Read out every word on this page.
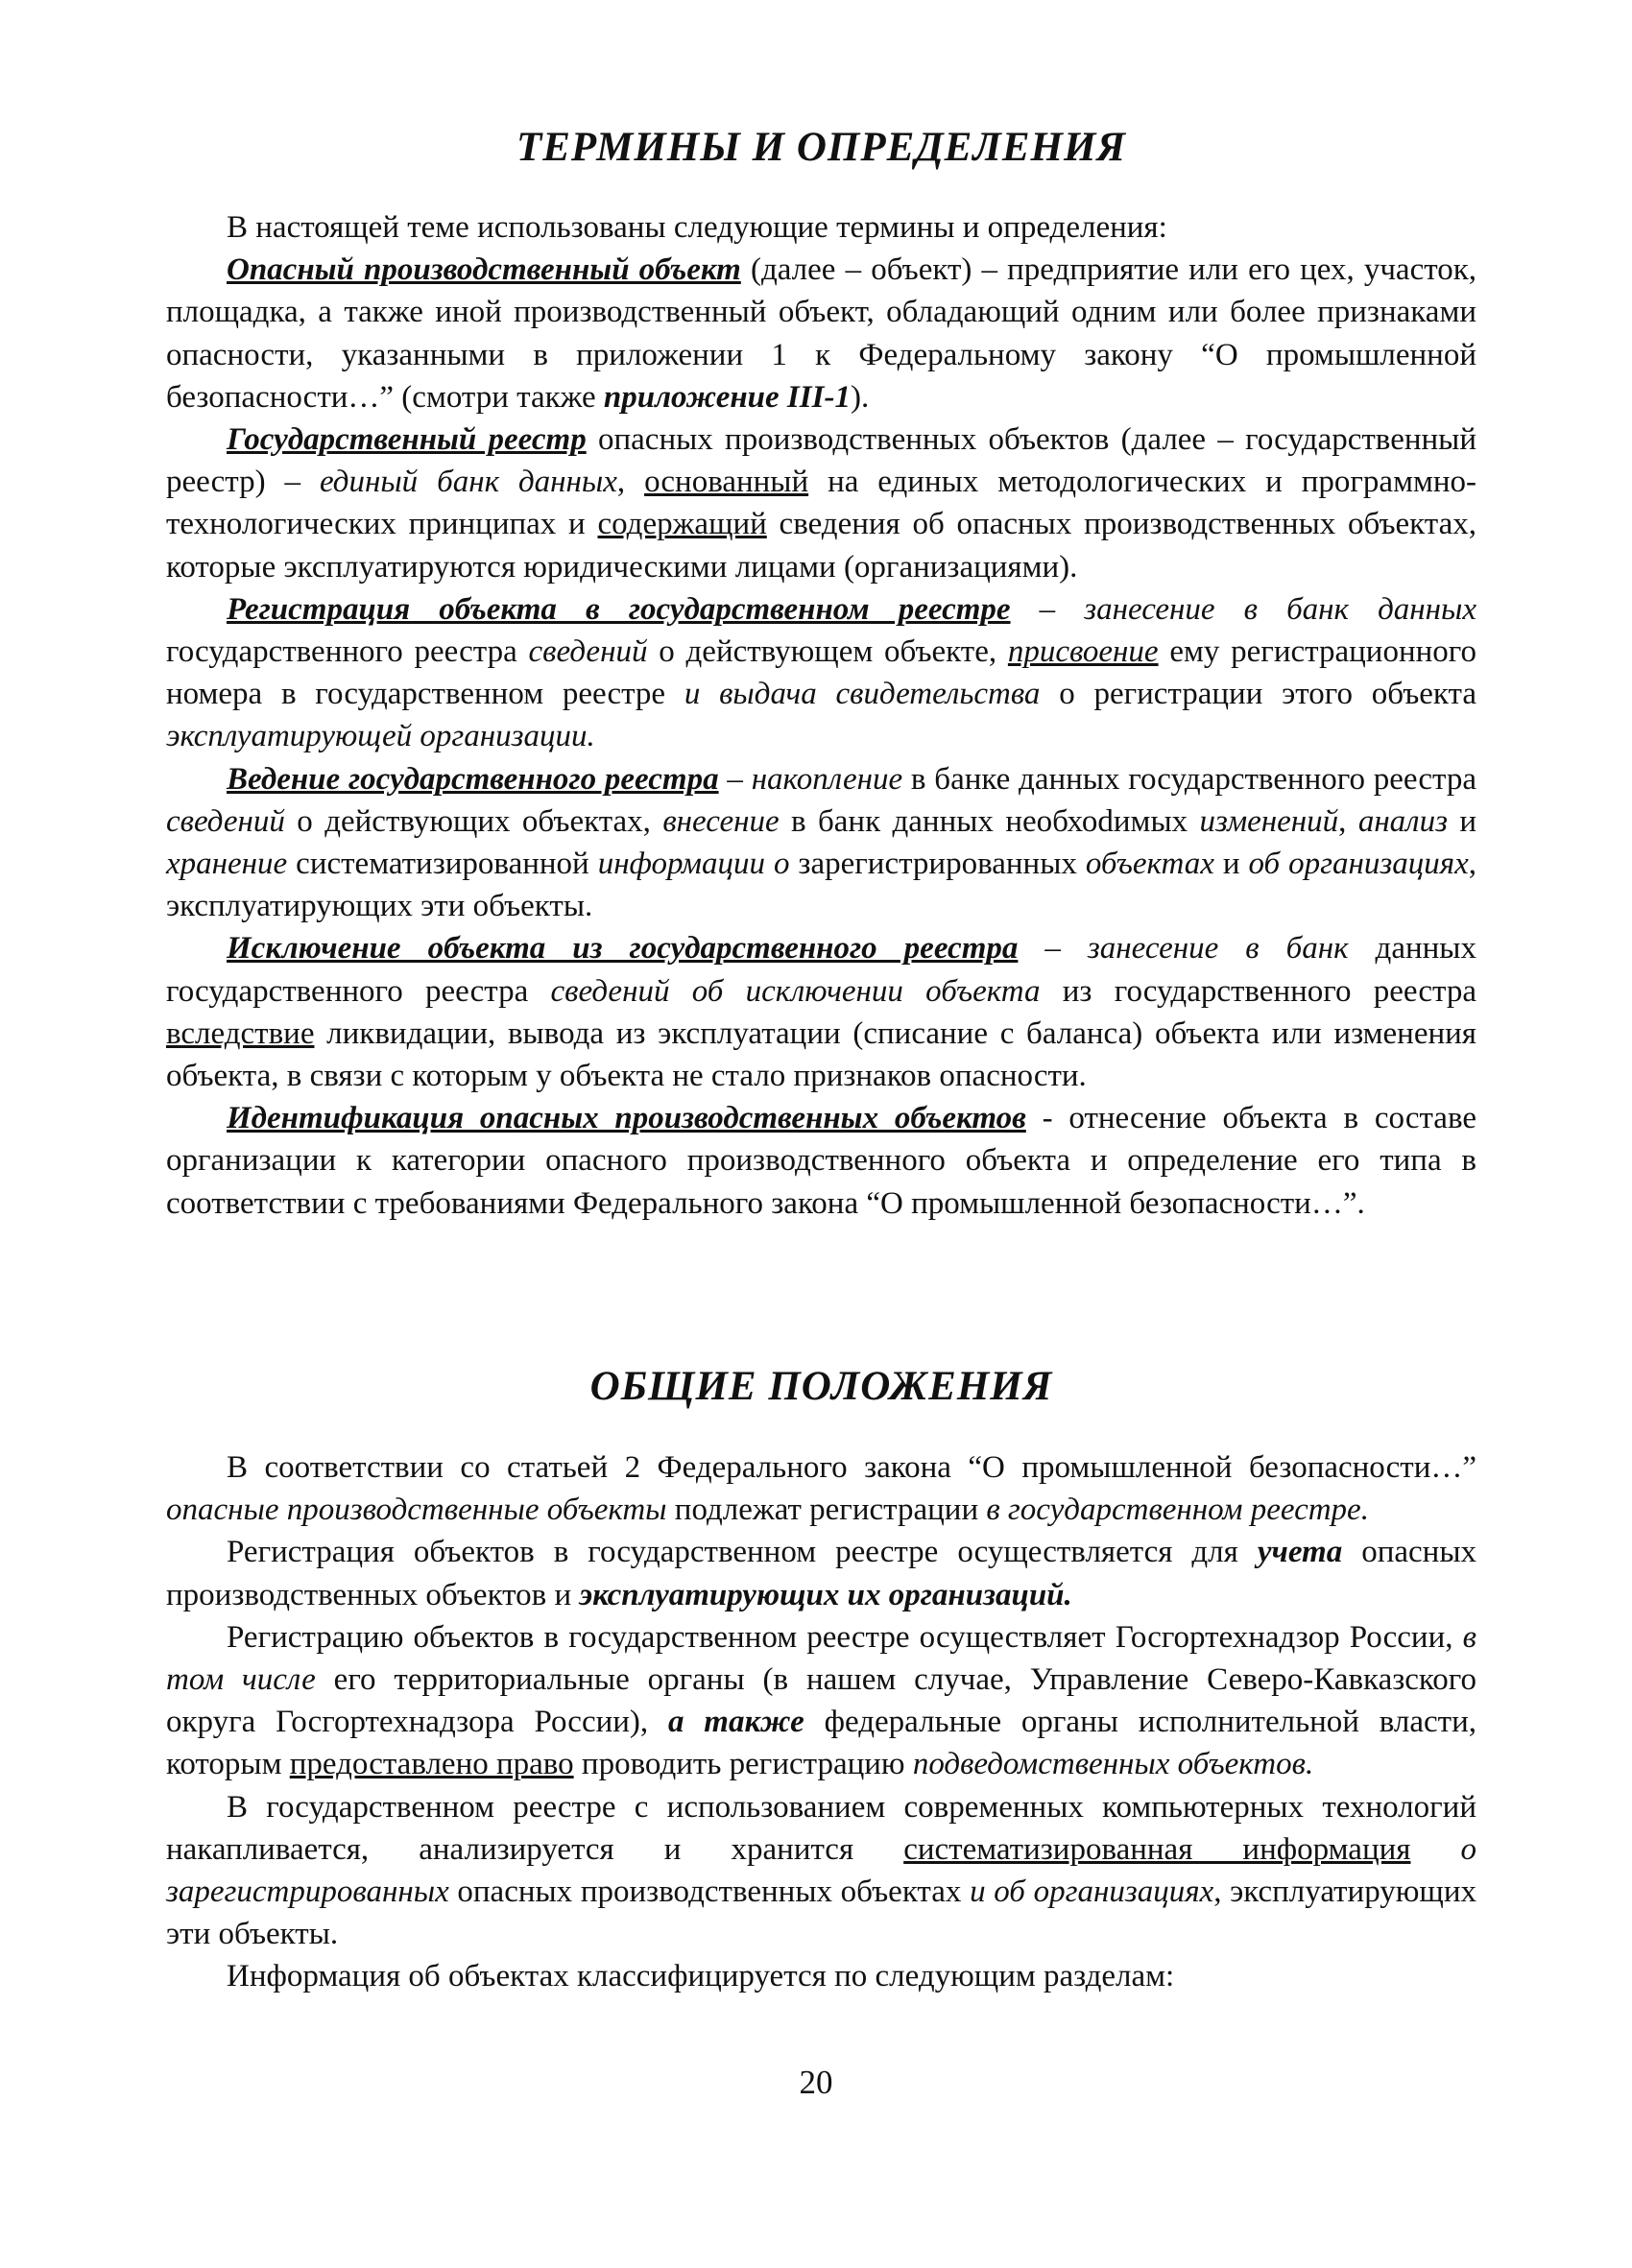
ТЕРМИНЫ И ОПРЕДЕЛЕНИЯ

В настоящей теме использованы следующие термины и определения:

Опасный производственный объект (далее – объект) – предприятие или его цех, участок, площадка, а также иной производственный объект, обладающий одним или более признаками опасности, указанными в приложении 1 к Федеральному закону “О промышленной безопасности…” (смотри также приложение III-1).

Государственный реестр опасных производственных объектов (далее – государственный реестр) – единый банк данных, основанный на единых методологических и программно-технологических принципах и содержащий сведения об опасных производственных объектах, которые эксплуатируются юридическими лицами (организациями).

Регистрация объекта в государственном реестре – занесение в банк данных государственного реестра сведений о действующем объекте, присвоение ему регистрационного номера в государственном реестре и выдача свидетельства о регистрации этого объекта эксплуатирующей организации.

Ведение государственного реестра – накопление в банке данных государственного реестра сведений о действующих объектах, внесение в банк данных необхоdимых изменений, анализ и хранение систематизированной информации о зарегистрированных объектах и об организациях, эксплуатирующих эти объекты.

Исключение объекта из государственного реестра – занесение в банк данных государственного реестра сведений об исключении объекта из государственного реестра вследствие ликвидации, вывода из эксплуатации (списание с баланса) объекта или изменения объекта, в связи с которым у объекта не стало признаков опасности.

Идентификация опасных производственных объектов - отнесение объекта в составе организации к категории опасного производственного объекта и определение его типа в соответствии с требованиями Федерального закона “О промышленной безопасности…”.

ОБЩИЕ ПОЛОЖЕНИЯ

В соответствии со статьей 2 Федерального закона “О промышленной безопасности…” опасные производственные объекты подлежат регистрации в государственном реестре.

Регистрация объектов в государственном реестре осуществляется для учета опасных производственных объектов и эксплуатирующих их организаций.

Регистрацию объектов в государственном реестре осуществляет Госгортехнадзор России, в том числе его территориальные органы (в нашем случае, Управление Северо-Кавказского округа Госгортехнадзора России), а также федеральные органы исполнительной власти, которым предоставлено право проводить регистрацию подведомственных объектов.

В государственном реестре с использованием современных компьютерных технологий накапливается, анализируется и хранится систематизированная информация о зарегистрированных опасных производственных объектах и об организациях, эксплуатирующих эти объекты.

Информация об объектах классифицируется по следующим разделам:

20
